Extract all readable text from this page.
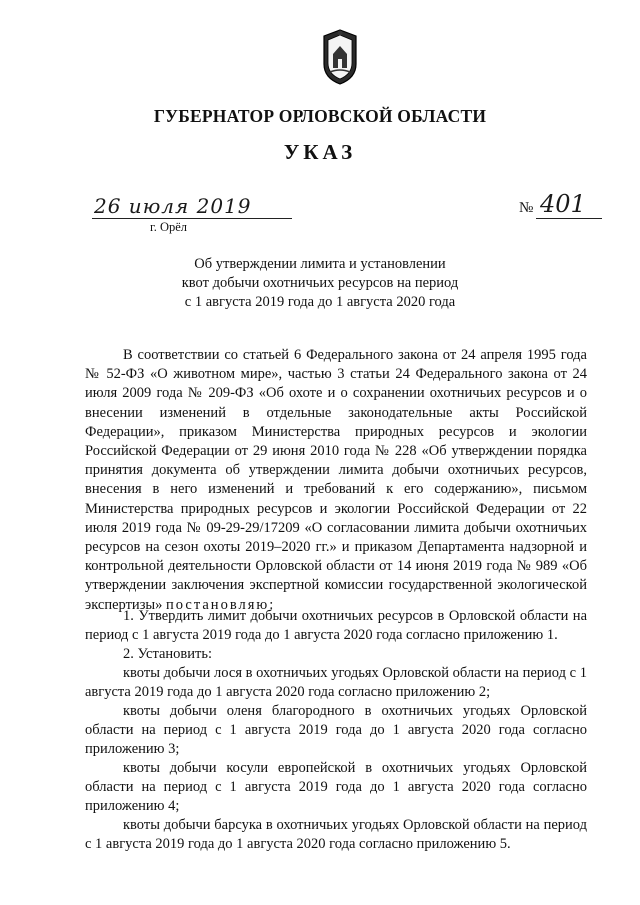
ГУБЕРНАТОР ОРЛОВСКОЙ ОБЛАСТИ
УКАЗ
26 июля 2019
г. Орёл
№ 401
Об утверждении лимита и установлении
квот добычи охотничьих ресурсов на период
с 1 августа 2019 года до 1 августа 2020 года

В соответствии со статьей 6 Федерального закона от 24 апреля 1995 года № 52-ФЗ «О животном мире», частью 3 статьи 24 Федерального закона от 24 июля 2009 года № 209-ФЗ «Об охоте и о сохранении охотничьих ресурсов и о внесении изменений в отдельные законодательные акты Российской Федерации», приказом Министерства природных ресурсов и экологии Российской Федерации от 29 июня 2010 года № 228 «Об утверждении порядка принятия документа об утверждении лимита добычи охотничьих ресурсов, внесения в него изменений и требований к его содержанию», письмом Министерства природных ресурсов и экологии Российской Федерации от 22 июля 2019 года № 09-29-29/17209 «О согласовании лимита добычи охотничьих ресурсов на сезон охоты 2019–2020 гг.» и приказом Департамента надзорной и контрольной деятельности Орловской области от 14 июня 2019 года № 989 «Об утверждении заключения экспертной комиссии государственной экологической экспертизы» постановляю:

1. Утвердить лимит добычи охотничьих ресурсов в Орловской области на период с 1 августа 2019 года до 1 августа 2020 года согласно приложению 1.

2. Установить:

квоты добычи лося в охотничьих угодьях Орловской области на период с 1 августа 2019 года до 1 августа 2020 года согласно приложению 2;

квоты добычи оленя благородного в охотничьих угодьях Орловской области на период с 1 августа 2019 года до 1 августа 2020 года согласно приложению 3;

квоты добычи косули европейской в охотничьих угодьях Орловской области на период с 1 августа 2019 года до 1 августа 2020 года согласно приложению 4;

квоты добычи барсука в охотничьих угодьях Орловской области на период с 1 августа 2019 года до 1 августа 2020 года согласно приложению 5.
